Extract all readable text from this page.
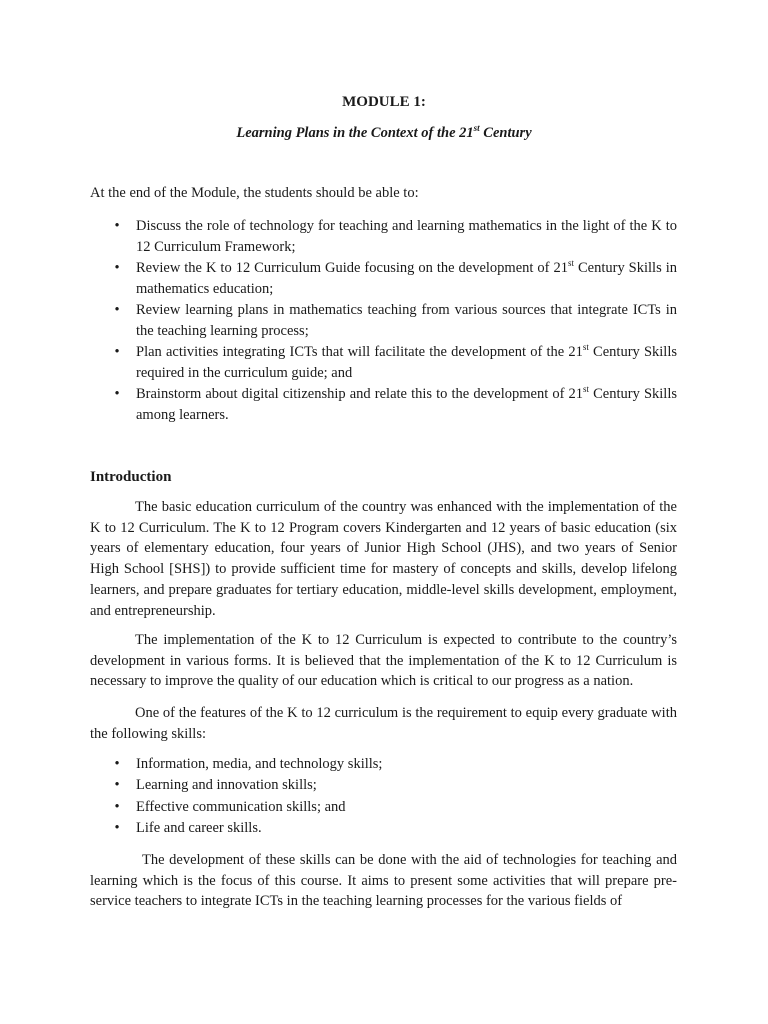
MODULE 1:
Learning Plans in the Context of the 21st Century

At the end of the Module, the students should be able to:

• Discuss the role of technology for teaching and learning mathematics in the light of the K to 12 Curriculum Framework;
• Review the K to 12 Curriculum Guide focusing on the development of 21st Century Skills in mathematics education;
• Review learning plans in mathematics teaching from various sources that integrate ICTs in the teaching learning process;
• Plan activities integrating ICTs that will facilitate the development of the 21st Century Skills required in the curriculum guide; and
• Brainstorm about digital citizenship and relate this to the development of 21st Century Skills among learners.
Introduction

The basic education curriculum of the country was enhanced with the implementation of the K to 12 Curriculum. The K to 12 Program covers Kindergarten and 12 years of basic education (six years of elementary education, four years of Junior High School (JHS), and two years of Senior High School [SHS]) to provide sufficient time for mastery of concepts and skills, develop lifelong learners, and prepare graduates for tertiary education, middle-level skills development, employment, and entrepreneurship.

The implementation of the K to 12 Curriculum is expected to contribute to the country’s development in various forms. It is believed that the implementation of the K to 12 Curriculum is necessary to improve the quality of our education which is critical to our progress as a nation.

One of the features of the K to 12 curriculum is the requirement to equip every graduate with the following skills:

• Information, media, and technology skills;
• Learning and innovation skills;
• Effective communication skills; and
• Life and career skills.

The development of these skills can be done with the aid of technologies for teaching and learning which is the focus of this course. It aims to present some activities that will prepare pre-service teachers to integrate ICTs in the teaching learning processes for the various fields of
